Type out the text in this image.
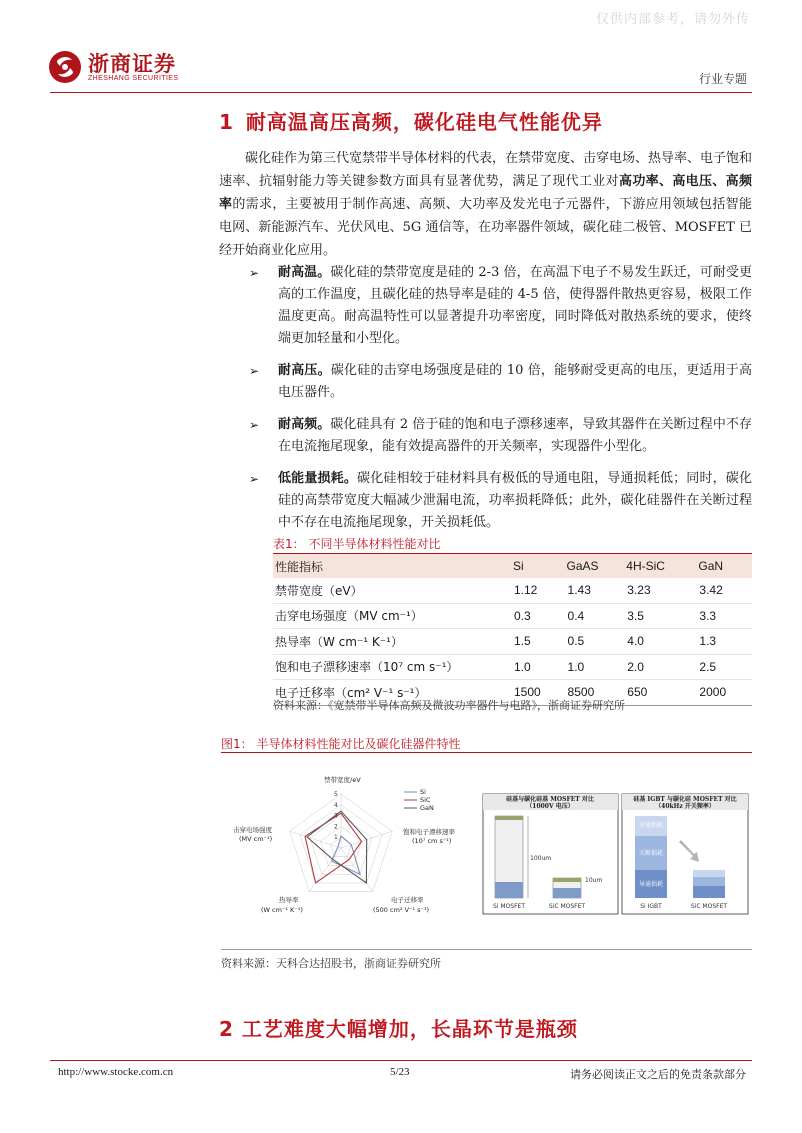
仅供内部参考，请勿外传
浙商证券
ZHESHANG SECURITIES	行业专题
1 耐高温高压高频，碳化硅电气性能优异
碳化硅作为第三代宽禁带半导体材料的代表，在禁带宽度、击穿电场、热导率、电子饱和速率、抗辐射能力等关键参数方面具有显著优势，满足了现代工业对高功率、高电压、高频率的需求，主要被用于制作高速、高频、大功率及发光电子元器件，下游应用领域包括智能电网、新能源汽车、光伏风电、5G 通信等，在功率器件领域，碳化硅二极管、MOSFET 已经开始商业化应用。
➢ 耐高温。碳化硅的禁带宽度是硅的 2-3 倍，在高温下电子不易发生跃迁，可耐受更高的工作温度，且碳化硅的热导率是硅的 4-5 倍，使得器件散热更容易，极限工作温度更高。耐高温特性可以显著提升功率密度，同时降低对散热系统的要求，使终端更加轻量和小型化。
➢ 耐高压。碳化硅的击穿电场强度是硅的 10 倍，能够耐受更高的电压，更适用于高电压器件。
➢ 耐高频。碳化硅具有 2 倍于硅的饱和电子漂移速率，导致其器件在关断过程中不存在电流拖尾现象，能有效提高器件的开关频率，实现器件小型化。
➢ 低能量损耗。碳化硅相较于硅材料具有极低的导通电阻，导通损耗低；同时，碳化硅的高禁带宽度大幅减少泄漏电流，功率损耗降低；此外，碳化硅器件在关断过程中不存在电流拖尾现象，开关损耗低。
表1： 不同半导体材料性能对比
性能指标	Si	GaAS	4H-SiC	GaN
禁带宽度（eV）	1.12	1.43	3.23	3.42
击穿电场强度（MV cm⁻¹）	0.3	0.4	3.5	3.3
热导率（W cm⁻¹ K⁻¹）	1.5	0.5	4.0	1.3
饱和电子漂移速率（10⁷ cm s⁻¹）	1.0	1.0	2.0	2.5
电子迁移率（cm² V⁻¹ s⁻¹）	1500	8500	650	2000
资料来源：《宽禁带半导体高频及微波功率器件与电路》，浙商证券研究所
图1： 半导体材料性能对比及碳化硅器件特性
1
2
3
4
5
禁带宽度/eV
饱和电子漂移速率
(10⁷ cm s⁻¹)
电子迁移率
(500 cm² V⁻¹ s⁻¹)
热导率
(W cm⁻¹ K⁻¹)
击穿电场强度
(MV cm⁻¹)
Si
SiC
GaN
硅基与碳化硅基 MOSFET 对比
（1000V 电压）
100um
10um
Si MOSFET	SiC MOSFET
硅基 IGBT 与碳化硅 MOSFET 对比
（40kHz 开关频率）
开通损耗
关断损耗
导通损耗
Si IGBT	SiC MOSFET
资料来源：天科合达招股书，浙商证券研究所
2 工艺难度大幅增加，长晶环节是瓶颈
http://www.stocke.com.cn	5/23	请务必阅读正文之后的免责条款部分
